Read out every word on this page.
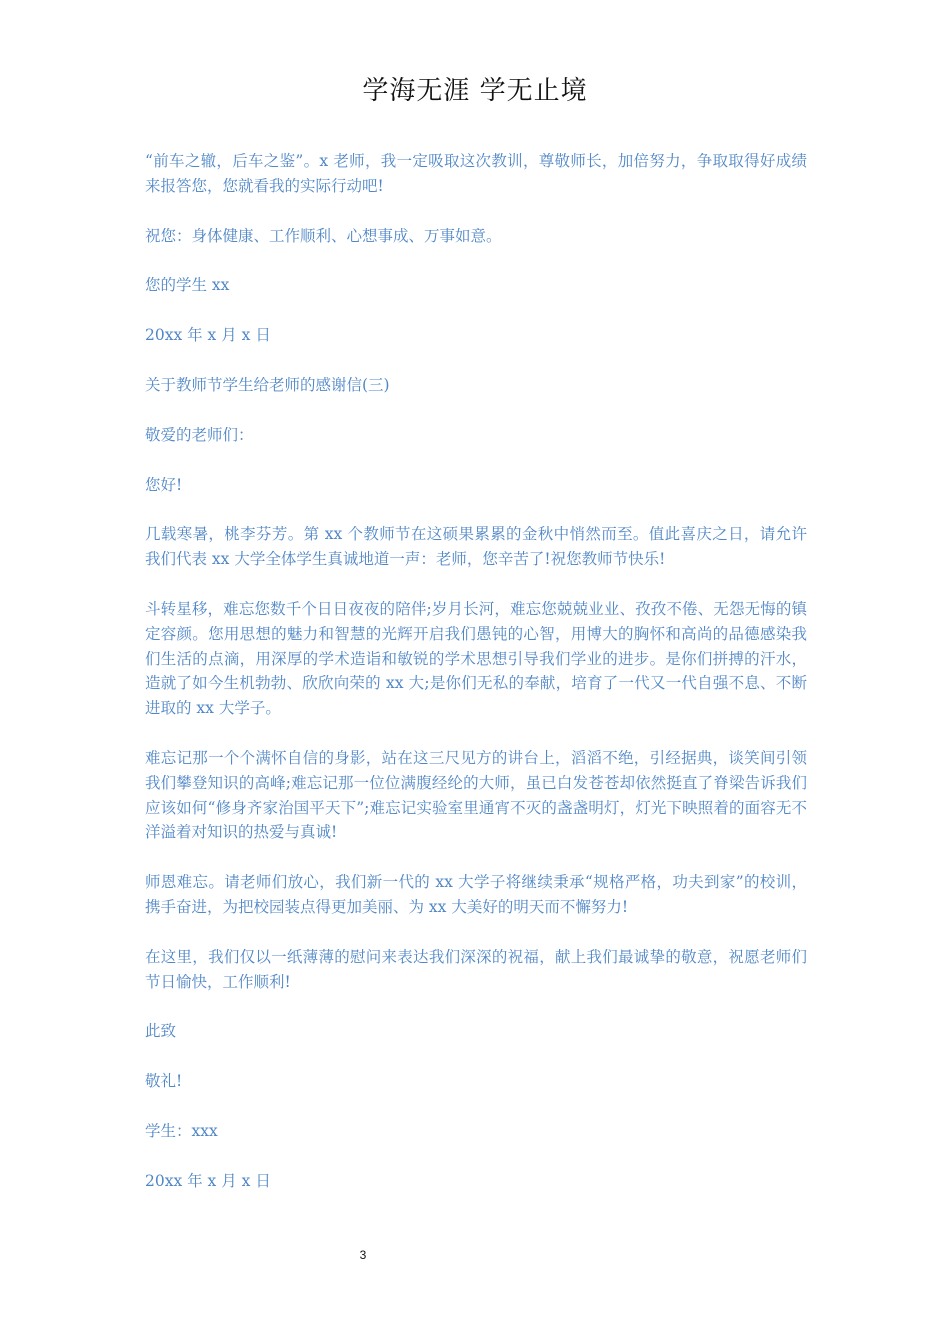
学海无涯 学无止境

“前车之辙，后车之鉴”。x 老师，我一定吸取这次教训，尊敬师长，加倍努力，争取取得好成绩来报答您，您就看我的实际行动吧!

祝您：身体健康、工作顺利、心想事成、万事如意。

您的学生 xx

20xx 年 x 月 x 日

关于教师节学生给老师的感谢信(三)

敬爱的老师们：

您好!

几载寒暑，桃李芬芳。第 xx 个教师节在这硕果累累的金秋中悄然而至。值此喜庆之日，请允许我们代表 xx 大学全体学生真诚地道一声：老师，您辛苦了!祝您教师节快乐!

斗转星移，难忘您数千个日日夜夜的陪伴;岁月长河，难忘您兢兢业业、孜孜不倦、无怨无悔的镇定容颜。您用思想的魅力和智慧的光辉开启我们愚钝的心智，用博大的胸怀和高尚的品德感染我们生活的点滴，用深厚的学术造诣和敏锐的学术思想引导我们学业的进步。是你们拼搏的汗水，造就了如今生机勃勃、欣欣向荣的 xx 大;是你们无私的奉献，培育了一代又一代自强不息、不断进取的 xx 大学子。

难忘记那一个个满怀自信的身影，站在这三尺见方的讲台上，滔滔不绝，引经据典，谈笑间引领我们攀登知识的高峰;难忘记那一位位满腹经纶的大师，虽已白发苍苍却依然挺直了脊梁告诉我们应该如何“修身齐家治国平天下”;难忘记实验室里通宵不灭的盏盏明灯，灯光下映照着的面容无不洋溢着对知识的热爱与真诚!

师恩难忘。请老师们放心，我们新一代的 xx 大学子将继续秉承“规格严格，功夫到家”的校训，携手奋进，为把校园装点得更加美丽、为 xx 大美好的明天而不懈努力!

在这里，我们仅以一纸薄薄的慰问来表达我们深深的祝福，献上我们最诚挚的敬意，祝愿老师们节日愉快，工作顺利!

此致

敬礼!

学生：xxx

20xx 年 x 月 x 日

3
